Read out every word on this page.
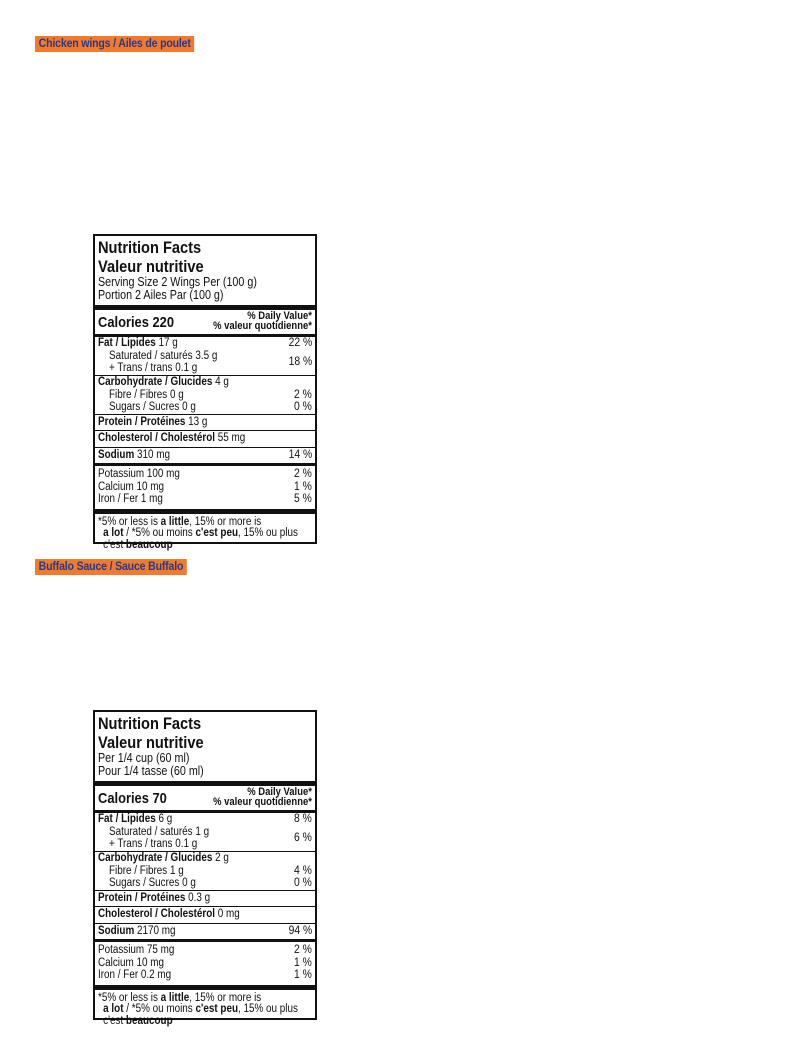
Chicken wings / Ailes de poulet
Nutrition Facts
Valeur nutritive
Serving Size 2 Wings Per (100 g)
Portion 2 Ailes Par (100 g)
Calories 220	% Daily Value*
% valeur quotidienne*
Fat / Lipides 17 g	22 %
Saturated / saturés 3.5 g
+ Trans / trans 0.1 g	18 %
Carbohydrate / Glucides 4 g
Fibre / Fibres 0 g	2 %
Sugars / Sucres 0 g	0 %
Protein / Protéines 13 g
Cholesterol / Cholestérol 55 mg
Sodium 310 mg	14 %
Potassium 100 mg	2 %
Calcium 10 mg	1 %
Iron / Fer 1 mg	5 %
*5% or less is a little, 15% or more is
a lot / *5% ou moins c'est peu, 15% ou plus
c'est beaucoup
Buffalo Sauce / Sauce Buffalo
Nutrition Facts
Valeur nutritive
Per 1/4 cup (60 ml)
Pour 1/4 tasse (60 ml)
Calories 70	% Daily Value*
% valeur quotidienne*
Fat / Lipides 6 g	8 %
Saturated / saturés 1 g
+ Trans / trans 0.1 g	6 %
Carbohydrate / Glucides 2 g
Fibre / Fibres 1 g	4 %
Sugars / Sucres 0 g	0 %
Protein / Protéines 0.3 g
Cholesterol / Cholestérol 0 mg
Sodium 2170 mg	94 %
Potassium 75 mg	2 %
Calcium 10 mg	1 %
Iron / Fer 0.2 mg	1 %
*5% or less is a little, 15% or more is
a lot / *5% ou moins c'est peu, 15% ou plus
c'est beaucoup
